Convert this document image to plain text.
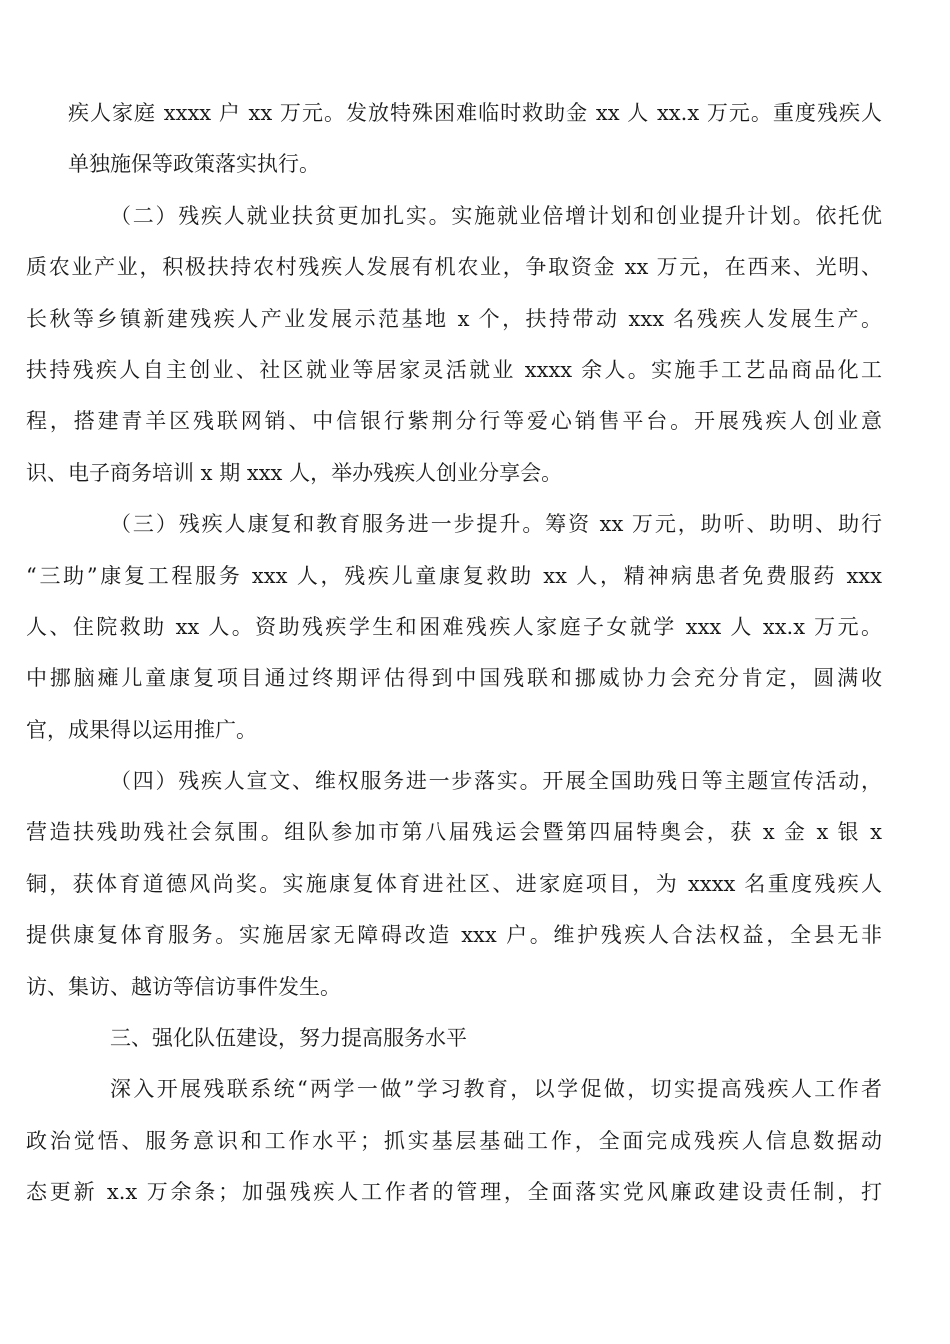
疾人家庭 xxxx 户 xx 万元。发放特殊困难临时救助金 xx 人 xx.x 万元。重度残疾人
单独施保等政策落实执行。
（二）残疾人就业扶贫更加扎实。实施就业倍增计划和创业提升计划。依托优
质农业产业，积极扶持农村残疾人发展有机农业，争取资金 xx 万元，在西来、光明、
长秋等乡镇新建残疾人产业发展示范基地 x 个，扶持带动 xxx 名残疾人发展生产。
扶持残疾人自主创业、社区就业等居家灵活就业 xxxx 余人。实施手工艺品商品化工
程，搭建青羊区残联网销、中信银行紫荆分行等爱心销售平台。开展残疾人创业意
识、电子商务培训 x 期 xxx 人，举办残疾人创业分享会。
（三）残疾人康复和教育服务进一步提升。筹资 xx 万元，助听、助明、助行
“三助”康复工程服务 xxx 人，残疾儿童康复救助 xx 人，精神病患者免费服药 xxx
人、住院救助 xx 人。资助残疾学生和困难残疾人家庭子女就学 xxx 人 xx.x 万元。
中挪脑瘫儿童康复项目通过终期评估得到中国残联和挪威协力会充分肯定，圆满收
官，成果得以运用推广。
（四）残疾人宣文、维权服务进一步落实。开展全国助残日等主题宣传活动，
营造扶残助残社会氛围。组队参加市第八届残运会暨第四届特奥会，获 x 金 x 银 x
铜，获体育道德风尚奖。实施康复体育进社区、进家庭项目，为 xxxx 名重度残疾人
提供康复体育服务。实施居家无障碍改造 xxx 户。维护残疾人合法权益，全县无非
访、集访、越访等信访事件发生。
三、强化队伍建设，努力提高服务水平
深入开展残联系统“两学一做”学习教育，以学促做，切实提高残疾人工作者
政治觉悟、服务意识和工作水平；抓实基层基础工作，全面完成残疾人信息数据动
态更新 x.x 万余条；加强残疾人工作者的管理，全面落实党风廉政建设责任制，打
